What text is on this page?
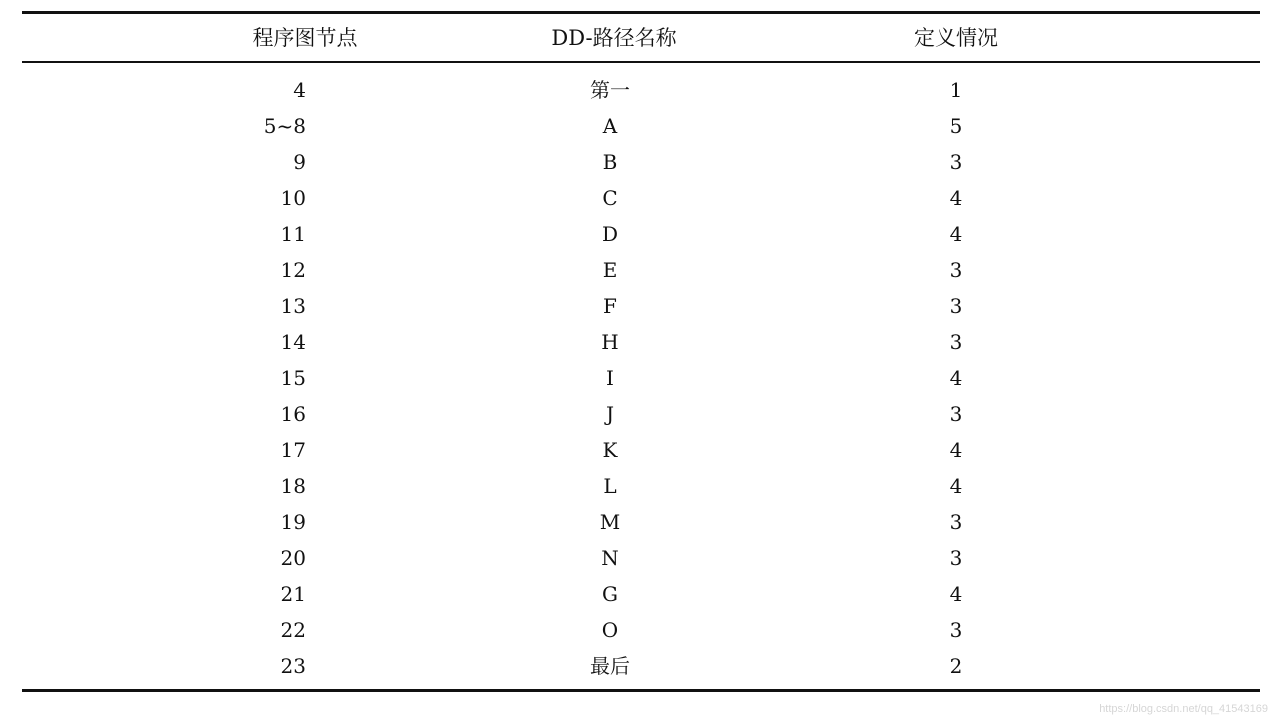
程序图节点	DD-路径名称	定义情况
4	第一	1
5~8	A	5
9	B	3
10	C	4
11	D	4
12	E	3
13	F	3
14	H	3
15	I	4
16	J	3
17	K	4
18	L	4
19	M	3
20	N	3
21	G	4
22	O	3
23	最后	2
https://blog.csdn.net/qq_41543169
